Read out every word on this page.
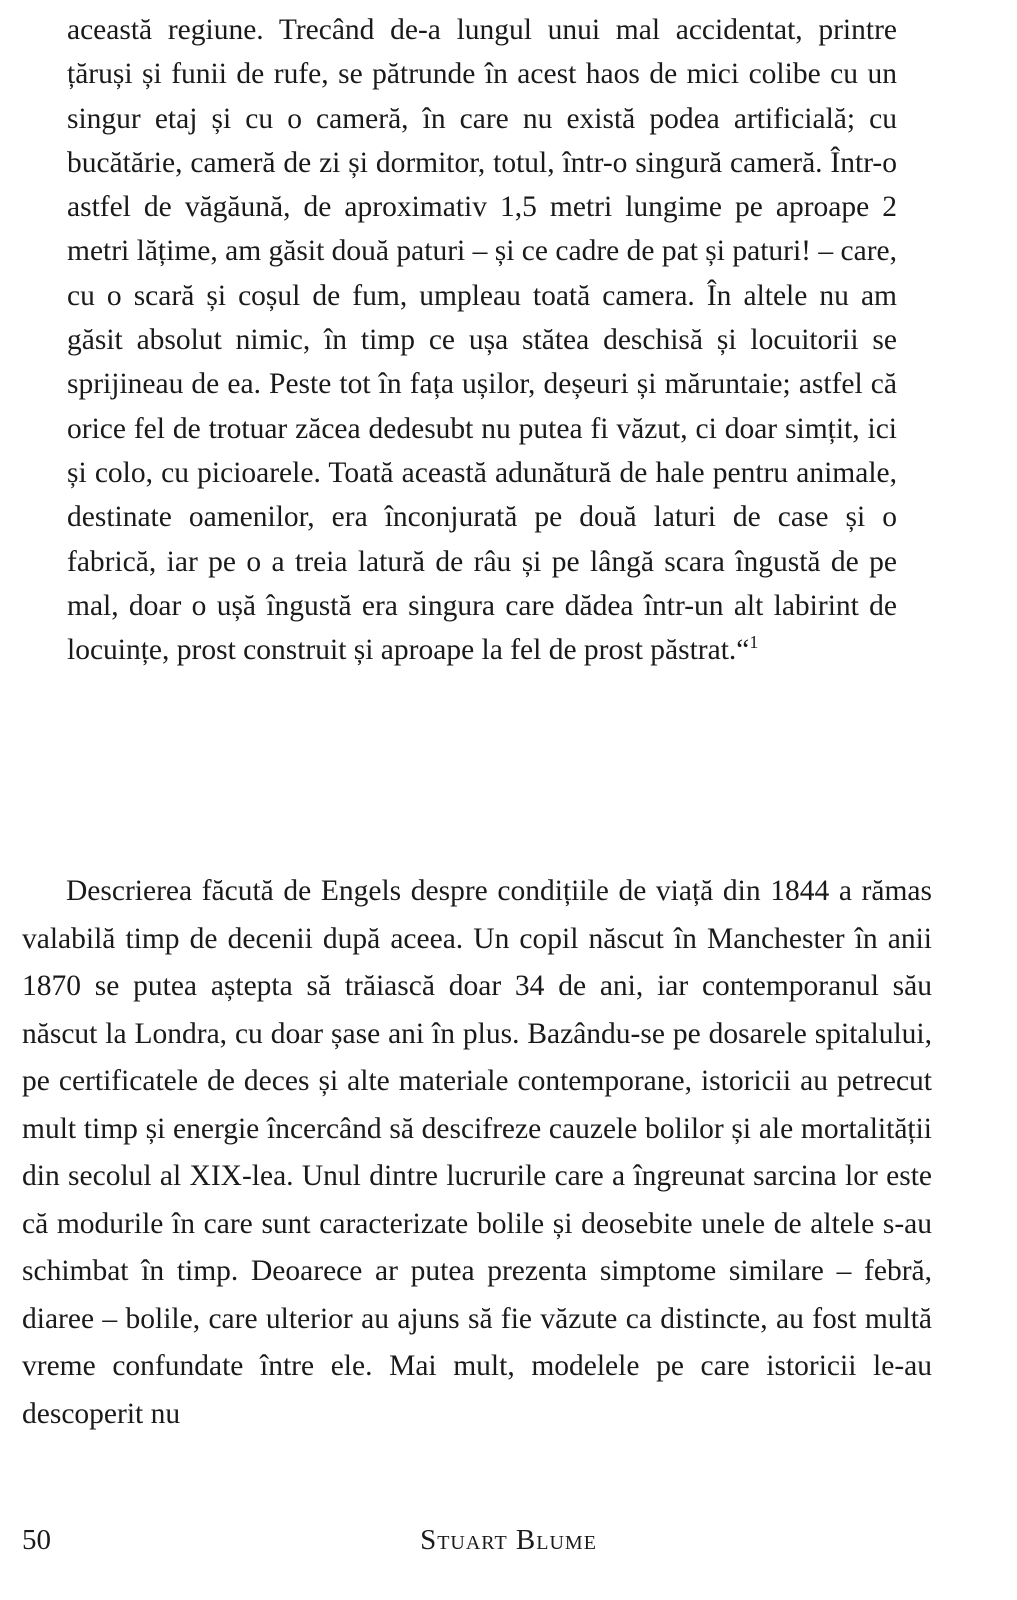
această regiune. Trecând de-a lungul unui mal accidentat, printre țăruși și funii de rufe, se pătrunde în acest haos de mici colibe cu un singur etaj și cu o cameră, în care nu există podea artificială; cu bucătărie, cameră de zi și dormitor, totul, într-o singură cameră. Într-o astfel de văgăună, de aproximativ 1,5 metri lungime pe aproape 2 metri lățime, am găsit două paturi – și ce cadre de pat și paturi! – care, cu o scară și coșul de fum, umpleau toată camera. În altele nu am găsit absolut nimic, în timp ce ușa stătea deschisă și locuitorii se sprijineau de ea. Peste tot în fața ușilor, deșeuri și măruntaie; astfel că orice fel de trotuar zăcea dedesubt nu putea fi văzut, ci doar simțit, ici și colo, cu picioarele. Toată această adunătură de hale pentru animale, destinate oamenilor, era înconjurată pe două laturi de case și o fabrică, iar pe o a treia latură de râu și pe lângă scara îngustă de pe mal, doar o ușă îngustă era singura care dădea într-un alt labirint de locuințe, prost construit și aproape la fel de prost păstrat.“$^1$
Descrierea făcută de Engels despre condițiile de viață din 1844 a rămas valabilă timp de decenii după aceea. Un copil născut în Manchester în anii 1870 se putea aștepta să trăiască doar 34 de ani, iar contemporanul său născut la Londra, cu doar șase ani în plus. Bazându-se pe dosarele spitalului, pe certificatele de deces și alte materiale contemporane, istoricii au petrecut mult timp și energie încercând să descifreze cauzele bolilor și ale mortalității din secolul al XIX-lea. Unul dintre lucrurile care a îngreunat sarcina lor este că modurile în care sunt caracterizate bolile și deosebite unele de altele s-au schimbat în timp. Deoarece ar putea prezenta simptome similare – febră, diaree – bolile, care ulterior au ajuns să fie văzute ca distincte, au fost multă vreme confundate între ele. Mai mult, modelele pe care istoricii le-au descoperit nu
50	Stuart Blume
